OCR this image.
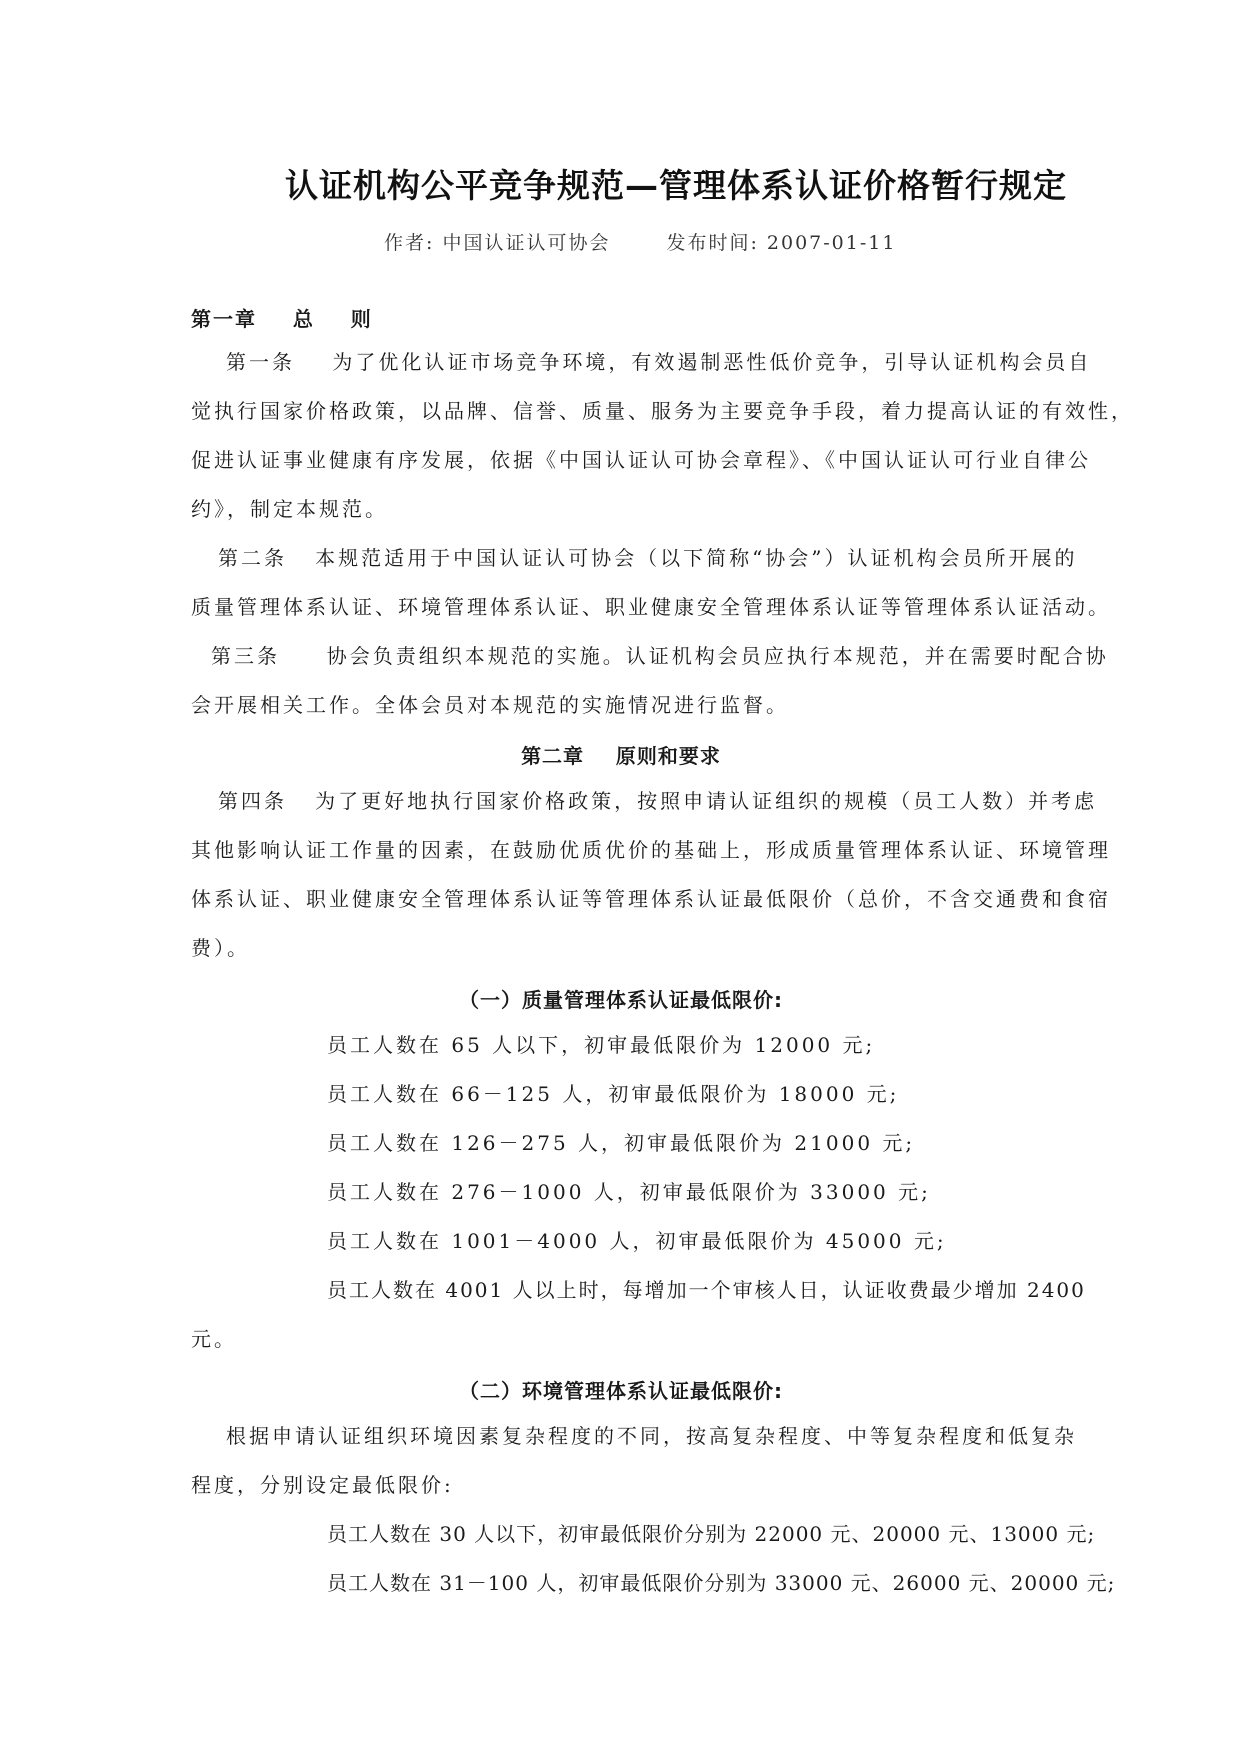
认证机构公平竞争规范—管理体系认证价格暂行规定
作者: 中国认证认可协会	发布时间: 2007-01-11
第一章    总    则
第一条    为了优化认证市场竞争环境，有效遏制恶性低价竞争，引导认证机构会员自
觉执行国家价格政策，以品牌、信誉、质量、服务为主要竞争手段，着力提高认证的有效性，
促进认证事业健康有序发展，依据《中国认证认可协会章程》、《中国认证认可行业自律公
约》，制定本规范。
第二条   本规范适用于中国认证认可协会（以下简称“协会”）认证机构会员所开展的
质量管理体系认证、环境管理体系认证、职业健康安全管理体系认证等管理体系认证活动。
第三条     协会负责组织本规范的实施。认证机构会员应执行本规范，并在需要时配合协
会开展相关工作。全体会员对本规范的实施情况进行监督。
第二章    原则和要求
第四条   为了更好地执行国家价格政策，按照申请认证组织的规模（员工人数）并考虑
其他影响认证工作量的因素，在鼓励优质优价的基础上，形成质量管理体系认证、环境管理
体系认证、职业健康安全管理体系认证等管理体系认证最低限价（总价，不含交通费和食宿
费）。
（一）质量管理体系认证最低限价:
员工人数在 65 人以下，初审最低限价为 12000 元;
员工人数在 66－125 人，初审最低限价为 18000 元;
员工人数在 126－275 人，初审最低限价为 21000 元;
员工人数在 276－1000 人，初审最低限价为 33000 元;
员工人数在 1001－4000 人，初审最低限价为 45000 元;
员工人数在 4001 人以上时，每增加一个审核人日，认证收费最少增加 2400
元。
（二）环境管理体系认证最低限价:
根据申请认证组织环境因素复杂程度的不同，按高复杂程度、中等复杂程度和低复杂
程度，分别设定最低限价:
员工人数在 30 人以下，初审最低限价分别为 22000 元、20000 元、13000 元;
员工人数在 31－100 人，初审最低限价分别为 33000 元、26000 元、20000 元;
